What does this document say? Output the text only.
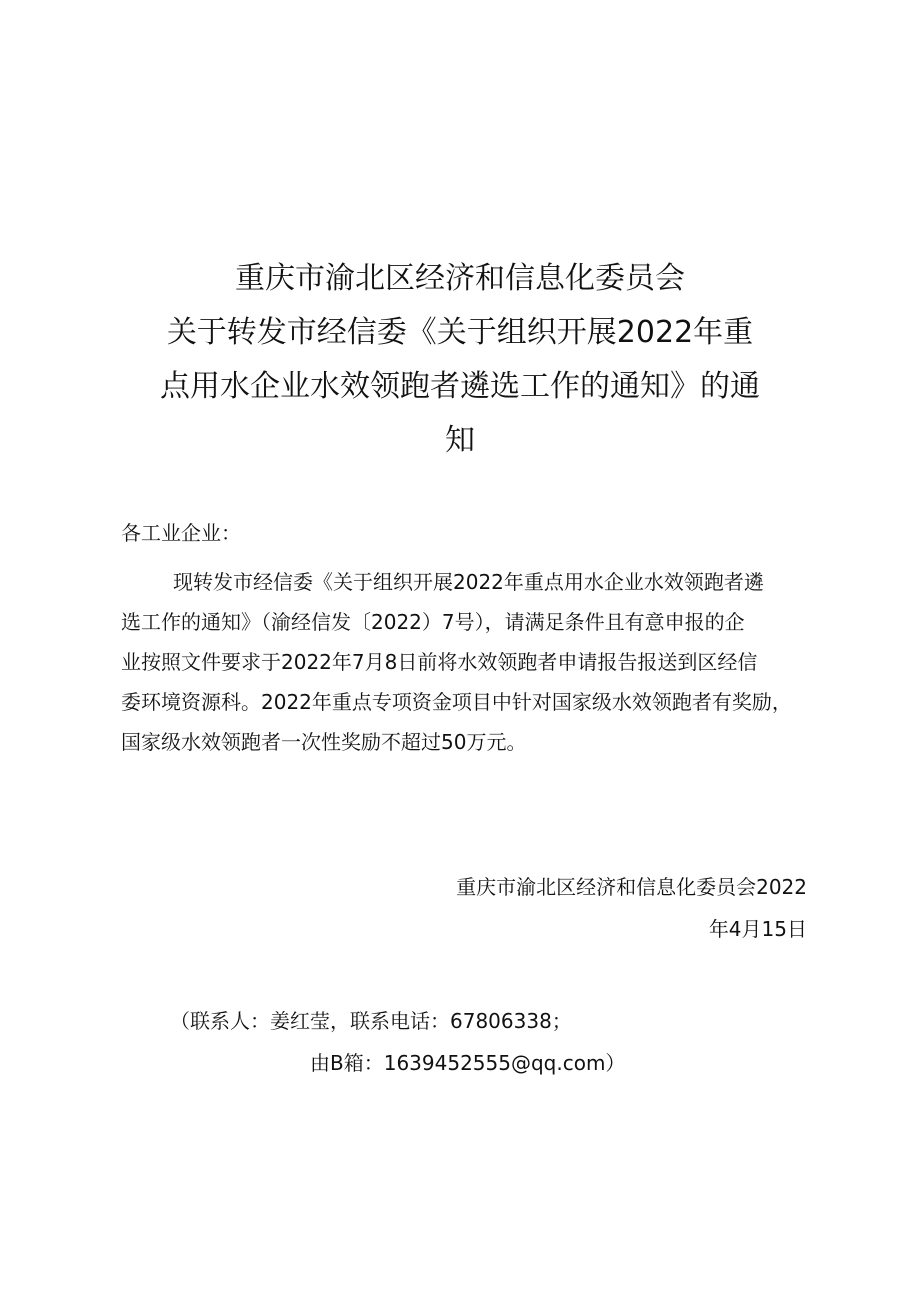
重庆市渝北区经济和信息化委员会
关于转发市经信委《关于组织开展2022年重
点用水企业水效领跑者遴选工作的通知》的通
知
各工业企业：
现转发市经信委《关于组织开展2022年重点用水企业水效领跑者遴
选工作的通知》（渝经信发〔2022）7号），请满足条件且有意申报的企
业按照文件要求于2022年7月8日前将水效领跑者申请报告报送到区经信
委环境资源科。2022年重点专项资金项目中针对国家级水效领跑者有奖励，
国家级水效领跑者一次性奖励不超过50万元。
重庆市渝北区经济和信息化委员会2022
年4月15日
（联系人：姜红莹，联系电话：67806338；
由B箱：1639452555@qq.com）
